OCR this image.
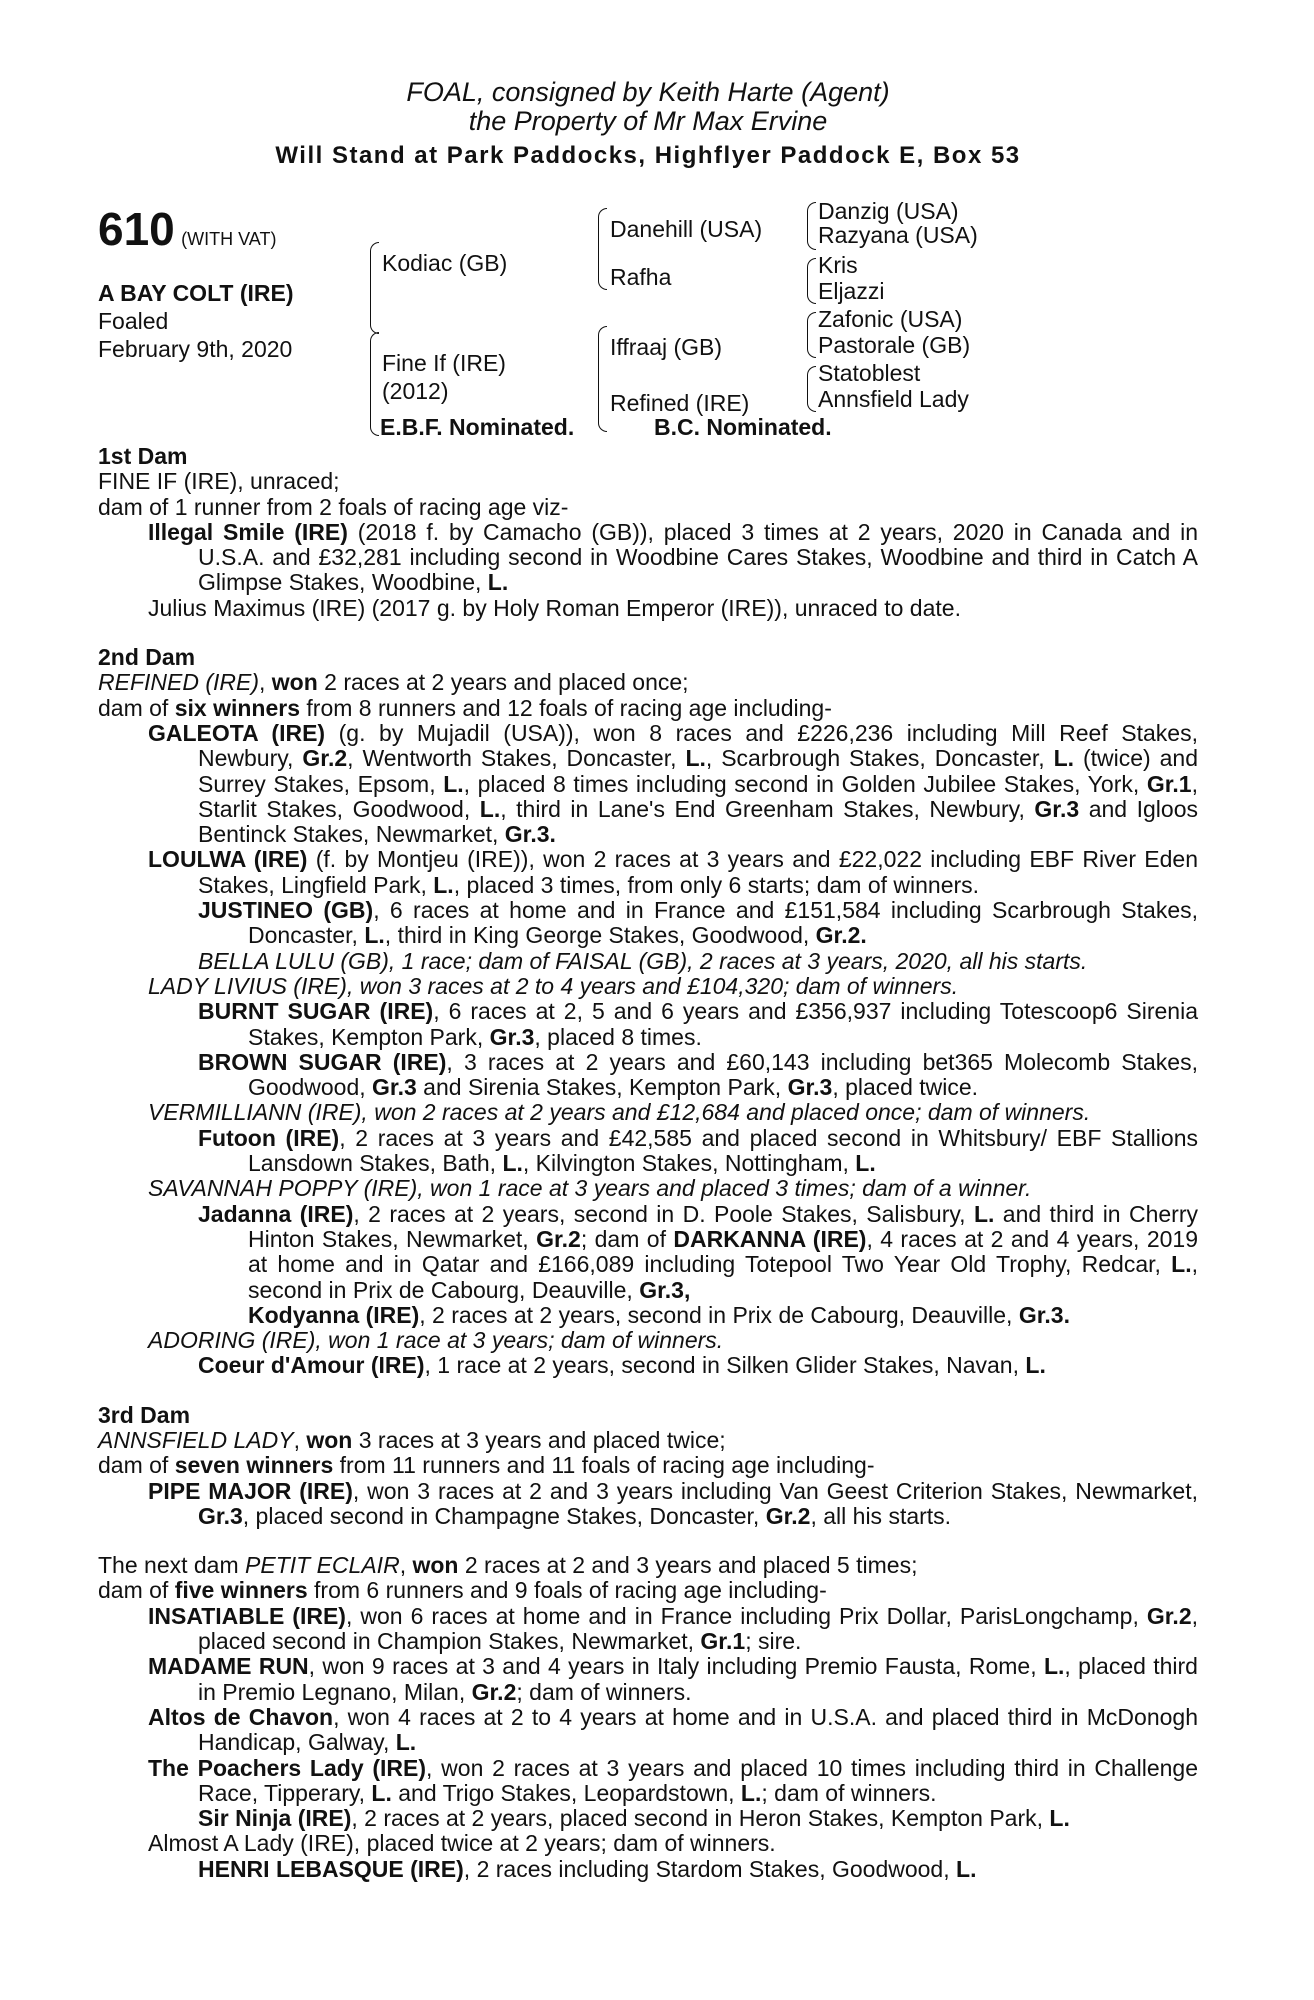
FOAL, consigned by Keith Harte (Agent)
the Property of Mr Max Ervine
Will Stand at Park Paddocks, Highflyer Paddock E, Box 53
610 (WITH VAT)
A BAY COLT (IRE)
Foaled
February 9th, 2020
Kodiac (GB)
Fine If (IRE)
(2012)
Danehill (USA)
Rafha
Iffraaj (GB)
Refined (IRE)
Danzig (USA)
Razyana (USA)
Kris
Eljazzi
Zafonic (USA)
Pastorale (GB)
Statoblest
Annsfield Lady
E.B.F. Nominated.	B.C. Nominated.
1st Dam
FINE IF (IRE), unraced;
dam of 1 runner from 2 foals of racing age viz-
Illegal Smile (IRE) (2018 f. by Camacho (GB)), placed 3 times at 2 years, 2020 in Canada and in U.S.A. and £32,281 including second in Woodbine Cares Stakes, Woodbine and third in Catch A Glimpse Stakes, Woodbine, L.
Julius Maximus (IRE) (2017 g. by Holy Roman Emperor (IRE)), unraced to date.
2nd Dam
REFINED (IRE), won 2 races at 2 years and placed once;
dam of six winners from 8 runners and 12 foals of racing age including-
GALEOTA (IRE) (g. by Mujadil (USA)), won 8 races and £226,236 including Mill Reef Stakes, Newbury, Gr.2, Wentworth Stakes, Doncaster, L., Scarbrough Stakes, Doncaster, L. (twice) and Surrey Stakes, Epsom, L., placed 8 times including second in Golden Jubilee Stakes, York, Gr.1, Starlit Stakes, Goodwood, L., third in Lane's End Greenham Stakes, Newbury, Gr.3 and Igloos Bentinck Stakes, Newmarket, Gr.3.
LOULWA (IRE) (f. by Montjeu (IRE)), won 2 races at 3 years and £22,022 including EBF River Eden Stakes, Lingfield Park, L., placed 3 times, from only 6 starts; dam of winners.
JUSTINEO (GB), 6 races at home and in France and £151,584 including Scarbrough Stakes, Doncaster, L., third in King George Stakes, Goodwood, Gr.2.
BELLA LULU (GB), 1 race; dam of FAISAL (GB), 2 races at 3 years, 2020, all his starts.
LADY LIVIUS (IRE), won 3 races at 2 to 4 years and £104,320; dam of winners.
BURNT SUGAR (IRE), 6 races at 2, 5 and 6 years and £356,937 including Totescoop6 Sirenia Stakes, Kempton Park, Gr.3, placed 8 times.
BROWN SUGAR (IRE), 3 races at 2 years and £60,143 including bet365 Molecomb Stakes, Goodwood, Gr.3 and Sirenia Stakes, Kempton Park, Gr.3, placed twice.
VERMILLIANN (IRE), won 2 races at 2 years and £12,684 and placed once; dam of winners.
Futoon (IRE), 2 races at 3 years and £42,585 and placed second in Whitsbury/ EBF Stallions Lansdown Stakes, Bath, L., Kilvington Stakes, Nottingham, L.
SAVANNAH POPPY (IRE), won 1 race at 3 years and placed 3 times; dam of a winner.
Jadanna (IRE), 2 races at 2 years, second in D. Poole Stakes, Salisbury, L. and third in Cherry Hinton Stakes, Newmarket, Gr.2; dam of DARKANNA (IRE), 4 races at 2 and 4 years, 2019 at home and in Qatar and £166,089 including Totepool Two Year Old Trophy, Redcar, L., second in Prix de Cabourg, Deauville, Gr.3,
Kodyanna (IRE), 2 races at 2 years, second in Prix de Cabourg, Deauville, Gr.3.
ADORING (IRE), won 1 race at 3 years; dam of winners.
Coeur d'Amour (IRE), 1 race at 2 years, second in Silken Glider Stakes, Navan, L.
3rd Dam
ANNSFIELD LADY, won 3 races at 3 years and placed twice;
dam of seven winners from 11 runners and 11 foals of racing age including-
PIPE MAJOR (IRE), won 3 races at 2 and 3 years including Van Geest Criterion Stakes, Newmarket, Gr.3, placed second in Champagne Stakes, Doncaster, Gr.2, all his starts.
The next dam PETIT ECLAIR, won 2 races at 2 and 3 years and placed 5 times;
dam of five winners from 6 runners and 9 foals of racing age including-
INSATIABLE (IRE), won 6 races at home and in France including Prix Dollar, ParisLongchamp, Gr.2, placed second in Champion Stakes, Newmarket, Gr.1; sire.
MADAME RUN, won 9 races at 3 and 4 years in Italy including Premio Fausta, Rome, L., placed third in Premio Legnano, Milan, Gr.2; dam of winners.
Altos de Chavon, won 4 races at 2 to 4 years at home and in U.S.A. and placed third in McDonogh Handicap, Galway, L.
The Poachers Lady (IRE), won 2 races at 3 years and placed 10 times including third in Challenge Race, Tipperary, L. and Trigo Stakes, Leopardstown, L.; dam of winners.
Sir Ninja (IRE), 2 races at 2 years, placed second in Heron Stakes, Kempton Park, L.
Almost A Lady (IRE), placed twice at 2 years; dam of winners.
HENRI LEBASQUE (IRE), 2 races including Stardom Stakes, Goodwood, L.
